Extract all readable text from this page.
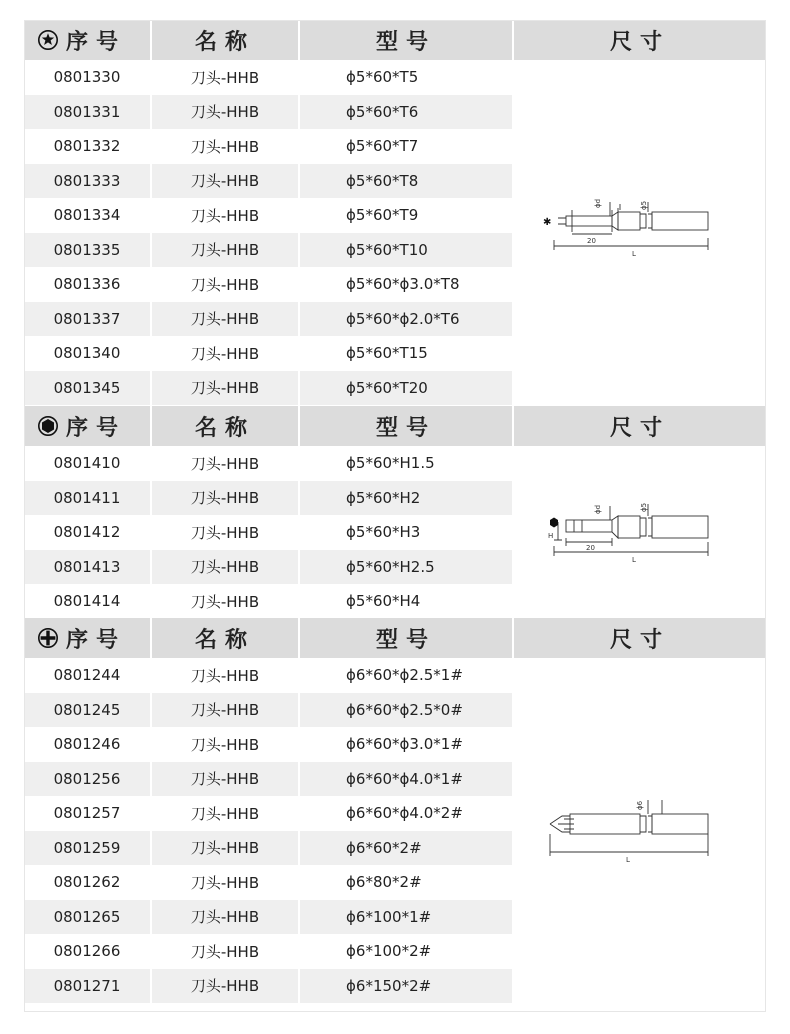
序号	名称	型号	尺寸
0801330	刀头-HHB	ϕ5*60*T5
0801331	刀头-HHB	ϕ5*60*T6
0801332	刀头-HHB	ϕ5*60*T7
0801333	刀头-HHB	ϕ5*60*T8
0801334	刀头-HHB	ϕ5*60*T9
0801335	刀头-HHB	ϕ5*60*T10
0801336	刀头-HHB	ϕ5*60*ϕ3.0*T8
0801337	刀头-HHB	ϕ5*60*ϕ2.0*T6
0801340	刀头-HHB	ϕ5*60*T15
0801345	刀头-HHB	ϕ5*60*T20
✱
20
L
ϕd	ϕ5
序号	名称	型号	尺寸
0801410	刀头-HHB	ϕ5*60*H1.5
0801411	刀头-HHB	ϕ5*60*H2
0801412	刀头-HHB	ϕ5*60*H3
0801413	刀头-HHB	ϕ5*60*H2.5
0801414	刀头-HHB	ϕ5*60*H4
H
20
L
ϕd	ϕ5
序号	名称	型号	尺寸
0801244	刀头-HHB	ϕ6*60*ϕ2.5*1#
0801245	刀头-HHB	ϕ6*60*ϕ2.5*0#
0801246	刀头-HHB	ϕ6*60*ϕ3.0*1#
0801256	刀头-HHB	ϕ6*60*ϕ4.0*1#
0801257	刀头-HHB	ϕ6*60*ϕ4.0*2#
0801259	刀头-HHB	ϕ6*60*2#
0801262	刀头-HHB	ϕ6*80*2#
0801265	刀头-HHB	ϕ6*100*1#
0801266	刀头-HHB	ϕ6*100*2#
0801271	刀头-HHB	ϕ6*150*2#
ϕ6
L
